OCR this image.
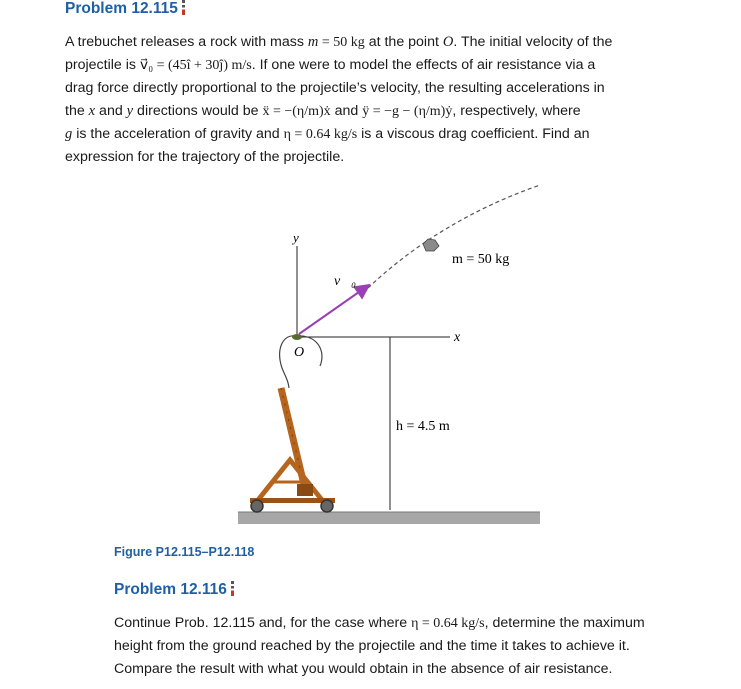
Problem 12.115
A trebuchet releases a rock with mass m = 50 kg at the point O. The initial velocity of the
projectile is v⃗₀ = (45î + 30ĵ) m/s. If one were to model the effects of air resistance via a
drag force directly proportional to the projectile’s velocity, the resulting accelerations in
the x and y directions would be ẍ = −(η/m)ẋ and ÿ = −g − (η/m)ẏ, respectively, where
g is the acceleration of gravity and η = 0.64 kg/s is a viscous drag coefficient. Find an
expression for the trajectory of the projectile.
y
x
h = 4.5 m
v⃗₀
m = 50 kg
O
Figure P12.115–P12.118
Problem 12.116
Continue Prob. 12.115 and, for the case where η = 0.64 kg/s, determine the maximum
height from the ground reached by the projectile and the time it takes to achieve it.
Compare the result with what you would obtain in the absence of air resistance.
